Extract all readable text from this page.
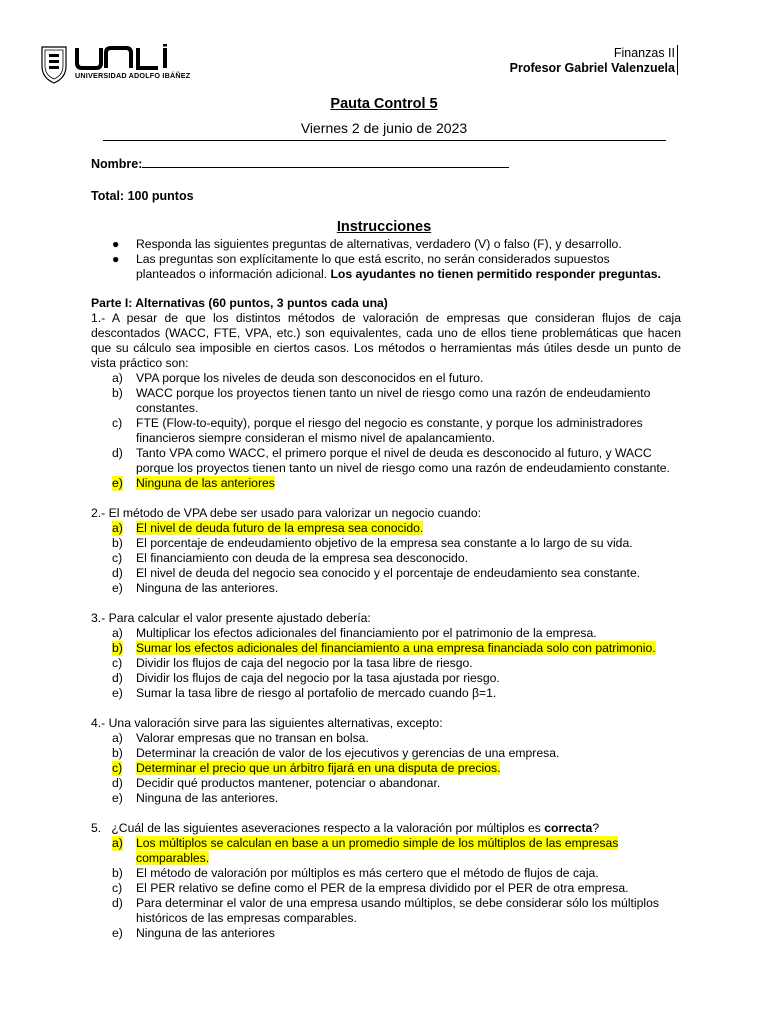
UNIVERSIDAD ADOLFO IBÁÑEZ
Finanzas II
Profesor Gabriel Valenzuela
Pauta Control 5
Viernes 2 de junio de 2023
Nombre:
Total: 100 puntos
Instrucciones
● Responda las siguientes preguntas de alternativas, verdadero (V) o falso (F), y desarrollo.
● Las preguntas son explícitamente lo que está escrito, no serán considerados supuestos planteados o información adicional. Los ayudantes no tienen permitido responder preguntas.
Parte I: Alternativas (60 puntos, 3 puntos cada una)
1.- A pesar de que los distintos métodos de valoración de empresas que consideran flujos de caja descontados (WACC, FTE, VPA, etc.) son equivalentes, cada uno de ellos tiene problemáticas que hacen que su cálculo sea imposible en ciertos casos. Los métodos o herramientas más útiles desde un punto de vista práctico son:
a) VPA porque los niveles de deuda son desconocidos en el futuro.
b) WACC porque los proyectos tienen tanto un nivel de riesgo como una razón de endeudamiento constantes.
c) FTE (Flow-to-equity), porque el riesgo del negocio es constante, y porque los administradores financieros siempre consideran el mismo nivel de apalancamiento.
d) Tanto VPA como WACC, el primero porque el nivel de deuda es desconocido al futuro, y WACC porque los proyectos tienen tanto un nivel de riesgo como una razón de endeudamiento constante.
e) Ninguna de las anteriores
2.- El método de VPA debe ser usado para valorizar un negocio cuando:
a) El nivel de deuda futuro de la empresa sea conocido.
b) El porcentaje de endeudamiento objetivo de la empresa sea constante a lo largo de su vida.
c) El financiamiento con deuda de la empresa sea desconocido.
d) El nivel de deuda del negocio sea conocido y el porcentaje de endeudamiento sea constante.
e) Ninguna de las anteriores.
3.- Para calcular el valor presente ajustado debería:
a) Multiplicar los efectos adicionales del financiamiento por el patrimonio de la empresa.
b) Sumar los efectos adicionales del financiamiento a una empresa financiada solo con patrimonio.
c) Dividir los flujos de caja del negocio por la tasa libre de riesgo.
d) Dividir los flujos de caja del negocio por la tasa ajustada por riesgo.
e) Sumar la tasa libre de riesgo al portafolio de mercado cuando β=1.
4.- Una valoración sirve para las siguientes alternativas, excepto:
a) Valorar empresas que no transan en bolsa.
b) Determinar la creación de valor de los ejecutivos y gerencias de una empresa.
c) Determinar el precio que un árbitro fijará en una disputa de precios.
d) Decidir qué productos mantener, potenciar o abandonar.
e) Ninguna de las anteriores.
5.   ¿Cuál de las siguientes aseveraciones respecto a la valoración por múltiplos es correcta?
a) Los múltiplos se calculan en base a un promedio simple de los múltiplos de las empresas comparables.
b) El método de valoración por múltiplos es más certero que el método de flujos de caja.
c) El PER relativo se define como el PER de la empresa dividido por el PER de otra empresa.
d) Para determinar el valor de una empresa usando múltiplos, se debe considerar sólo los múltiplos históricos de las empresas comparables.
e) Ninguna de las anteriores
